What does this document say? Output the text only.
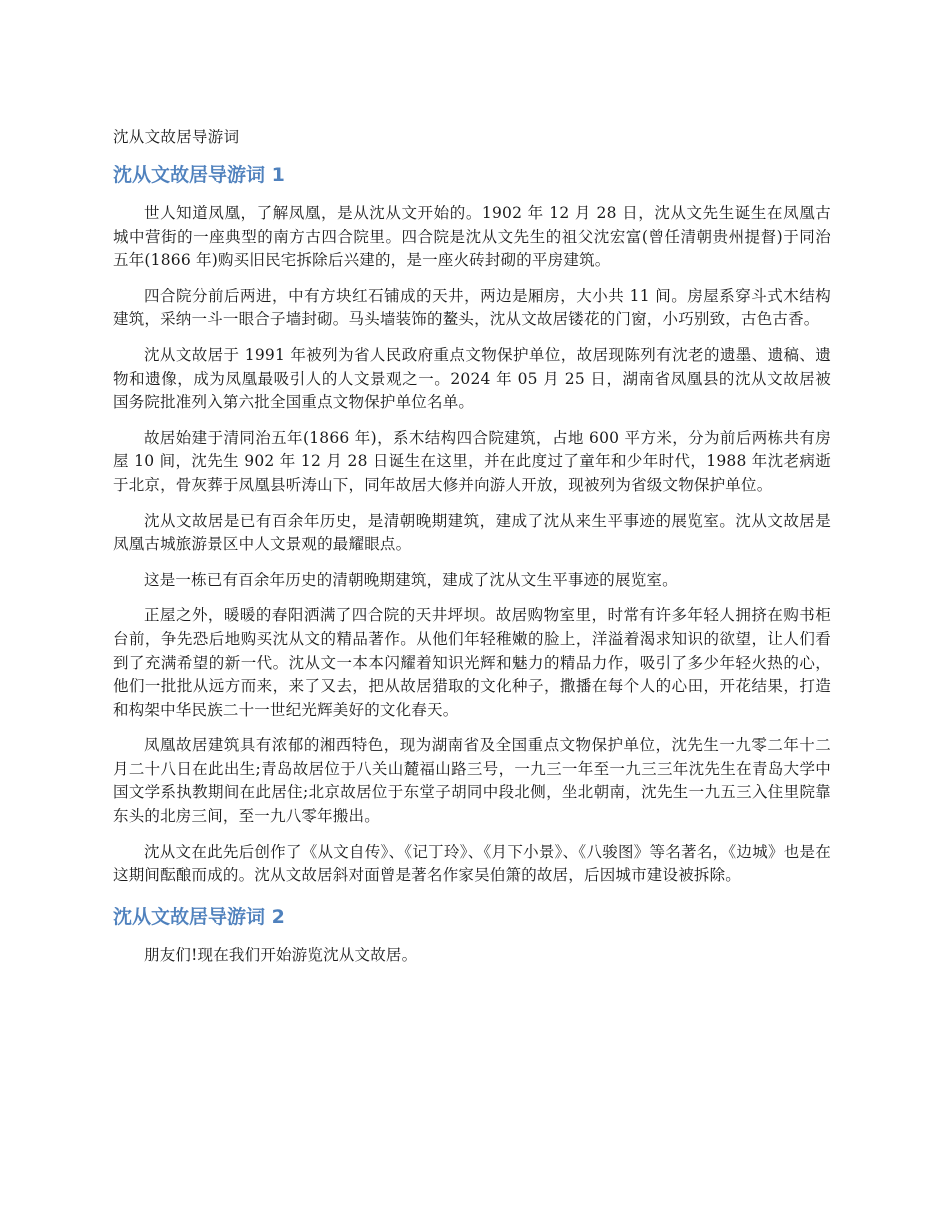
沈从文故居导游词
沈从文故居导游词 1

世人知道凤凰，了解凤凰，是从沈从文开始的。1902 年 12 月 28 日，沈从文先生诞生在凤凰古城中营街的一座典型的南方古四合院里。四合院是沈从文先生的祖父沈宏富(曾任清朝贵州提督)于同治五年(1866 年)购买旧民宅拆除后兴建的，是一座火砖封砌的平房建筑。

四合院分前后两进，中有方块红石铺成的天井，两边是厢房，大小共 11 间。房屋系穿斗式木结构建筑，采纳一斗一眼合子墙封砌。马头墙装饰的鳌头，沈从文故居镂花的门窗，小巧别致，古色古香。

沈从文故居于 1991 年被列为省人民政府重点文物保护单位，故居现陈列有沈老的遗墨、遗稿、遗物和遗像，成为凤凰最吸引人的人文景观之一。2024 年 05 月 25 日，湖南省凤凰县的沈从文故居被国务院批准列入第六批全国重点文物保护单位名单。

故居始建于清同治五年(1866 年)，系木结构四合院建筑，占地 600 平方米，分为前后两栋共有房屋 10 间，沈先生 902 年 12 月 28 日诞生在这里，并在此度过了童年和少年时代，1988 年沈老病逝于北京，骨灰葬于凤凰县听涛山下，同年故居大修并向游人开放，现被列为省级文物保护单位。

沈从文故居是已有百余年历史，是清朝晚期建筑，建成了沈从来生平事迹的展览室。沈从文故居是凤凰古城旅游景区中人文景观的最耀眼点。

这是一栋已有百余年历史的清朝晚期建筑，建成了沈从文生平事迹的展览室。

正屋之外，暖暖的春阳洒满了四合院的天井坪坝。故居购物室里，时常有许多年轻人拥挤在购书柜台前，争先恐后地购买沈从文的精品著作。从他们年轻稚嫩的脸上，洋溢着渴求知识的欲望，让人们看到了充满希望的新一代。沈从文一本本闪耀着知识光辉和魅力的精品力作，吸引了多少年轻火热的心，他们一批批从远方而来，来了又去，把从故居猎取的文化种子，撒播在每个人的心田，开花结果，打造和构架中华民族二十一世纪光辉美好的文化春天。

凤凰故居建筑具有浓郁的湘西特色，现为湖南省及全国重点文物保护单位，沈先生一九零二年十二月二十八日在此出生;青岛故居位于八关山麓福山路三号，一九三一年至一九三三年沈先生在青岛大学中国文学系执教期间在此居住;北京故居位于东堂子胡同中段北侧，坐北朝南，沈先生一九五三入住里院靠东头的北房三间，至一九八零年搬出。

沈从文在此先后创作了《从文自传》、《记丁玲》、《月下小景》、《八骏图》等名著名，《边城》也是在这期间酝酿而成的。沈从文故居斜对面曾是著名作家吴伯箫的故居，后因城市建设被拆除。

沈从文故居导游词 2

朋友们!现在我们开始游览沈从文故居。
